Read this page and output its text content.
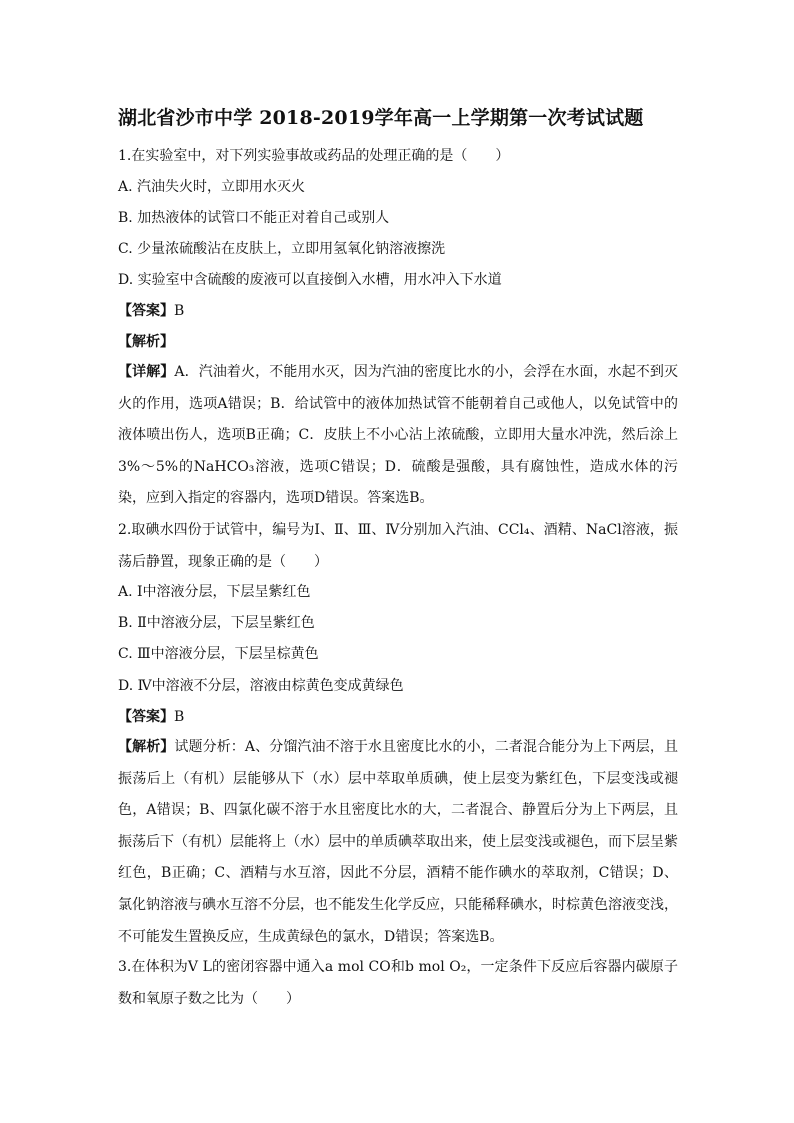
湖北省沙市中学 2018-2019学年高一上学期第一次考试试题
1.在实验室中，对下列实验事故或药品的处理正确的是（　　）
A. 汽油失火时，立即用水灭火
B. 加热液体的试管口不能正对着自己或别人
C. 少量浓硫酸沾在皮肤上，立即用氢氧化钠溶液擦洗
D. 实验室中含硫酸的废液可以直接倒入水槽，用水冲入下水道
【答案】B
【解析】
【详解】A．汽油着火，不能用水灭，因为汽油的密度比水的小，会浮在水面，水起不到灭火的作用，选项A错误；B．给试管中的液体加热试管不能朝着自己或他人，以免试管中的液体喷出伤人，选项B正确；C．皮肤上不小心沾上浓硫酸，立即用大量水冲洗，然后涂上3%～5%的NaHCO₃溶液，选项C错误；D．硫酸是强酸，具有腐蚀性，造成水体的污染，应到入指定的容器内，选项D错误。答案选B。
2.取碘水四份于试管中，编号为Ⅰ、Ⅱ、Ⅲ、Ⅳ分别加入汽油、CCl₄、酒精、NaCl溶液，振荡后静置，现象正确的是（　　）
A. Ⅰ中溶液分层，下层呈紫红色
B. Ⅱ中溶液分层，下层呈紫红色
C. Ⅲ中溶液分层，下层呈棕黄色
D. Ⅳ中溶液不分层，溶液由棕黄色变成黄绿色
【答案】B
【解析】试题分析：A、分馏汽油不溶于水且密度比水的小，二者混合能分为上下两层，且振荡后上（有机）层能够从下（水）层中萃取单质碘，使上层变为紫红色，下层变浅或褪色，A错误；B、四氯化碳不溶于水且密度比水的大，二者混合、静置后分为上下两层，且振荡后下（有机）层能将上（水）层中的单质碘萃取出来，使上层变浅或褪色，而下层呈紫红色，B正确；C、酒精与水互溶，因此不分层，酒精不能作碘水的萃取剂，C错误；D、氯化钠溶液与碘水互溶不分层，也不能发生化学反应，只能稀释碘水，时棕黄色溶液变浅，不可能发生置换反应，生成黄绿色的氯水，D错误；答案选B。
3.在体积为V L的密闭容器中通入a mol CO和b mol O₂，一定条件下反应后容器内碳原子数和氧原子数之比为（　　）
